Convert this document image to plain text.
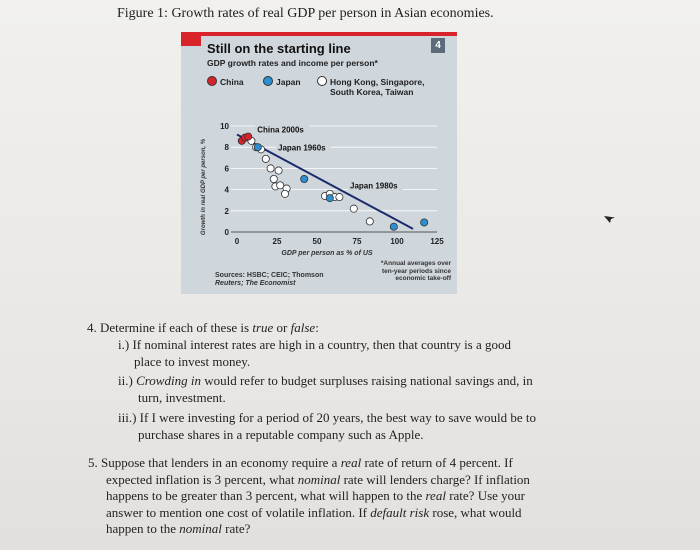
Figure 1: Growth rates of real GDP per person in Asian economies.
4
Still on the starting line
GDP growth rates and income per person*
China	Japan	Hong Kong, Singapore,
South Korea, Taiwan
0
2
4
6
8
10
0	25	50	75	100	125
GDP per person as % of US
Growth in real GDP per person, %
China 2000s
Japan 1960s
Japan 1980s
Sources: HSBC; CEIC; Thomson
Reuters; The Economist
*Annual averages over
ten-year periods since
economic take-off
4. Determine if each of these is true or false:
i.) If nominal interest rates are high in a country, then that country is a good
place to invest money.
ii.) Crowding in would refer to budget surpluses raising national savings and, in
turn, investment.
iii.) If I were investing for a period of 20 years, the best way to save would be to
purchase shares in a reputable company such as Apple.
5. Suppose that lenders in an economy require a real rate of return of 4 percent. If
expected inflation is 3 percent, what nominal rate will lenders charge? If inflation
happens to be greater than 3 percent, what will happen to the real rate? Use your
answer to mention one cost of volatile inflation. If default risk rose, what would
happen to the nominal rate?
